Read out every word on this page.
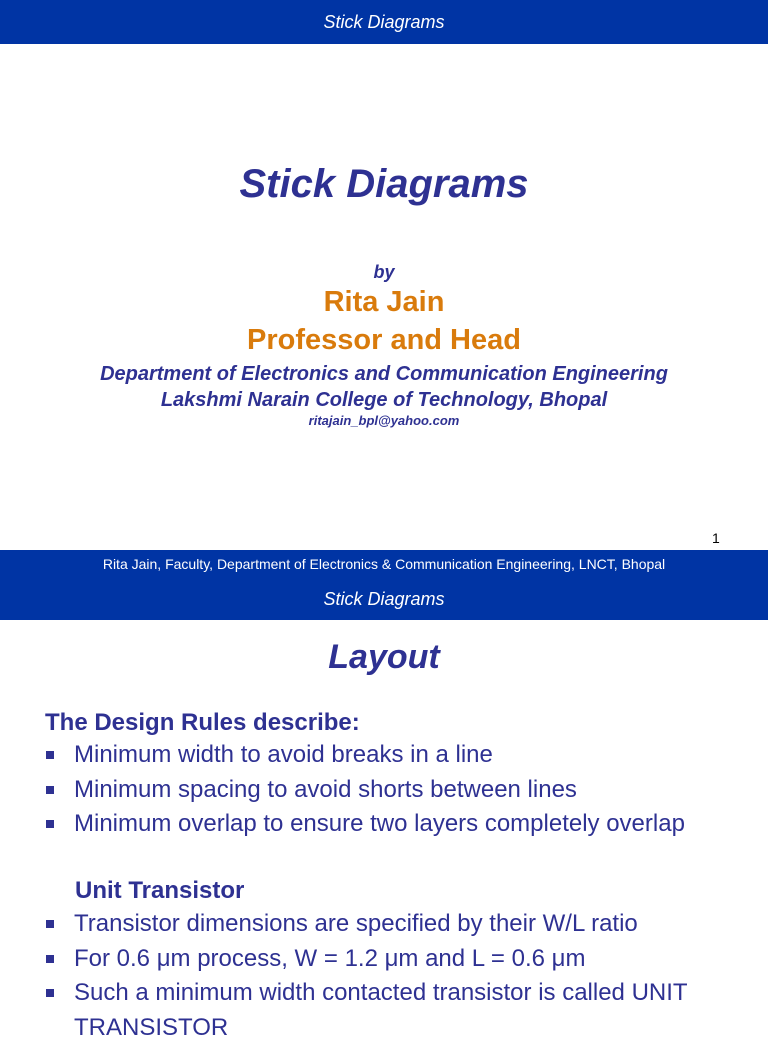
Stick Diagrams
Stick Diagrams
by
Rita Jain
Professor and Head
Department of Electronics and Communication Engineering
Lakshmi Narain College of Technology, Bhopal
ritajain_bpl@yahoo.com
1
Rita Jain, Faculty, Department of Electronics & Communication Engineering, LNCT, Bhopal
Stick Diagrams
Layout
The Design Rules describe:
Minimum width to avoid breaks in a line
Minimum spacing to avoid shorts between lines
Minimum overlap to ensure two layers completely overlap
Unit Transistor
Transistor dimensions are specified by their W/L ratio
For 0.6 μm process, W = 1.2 μm and L = 0.6 μm
Such a minimum width contacted transistor is called UNIT
TRANSISTOR
